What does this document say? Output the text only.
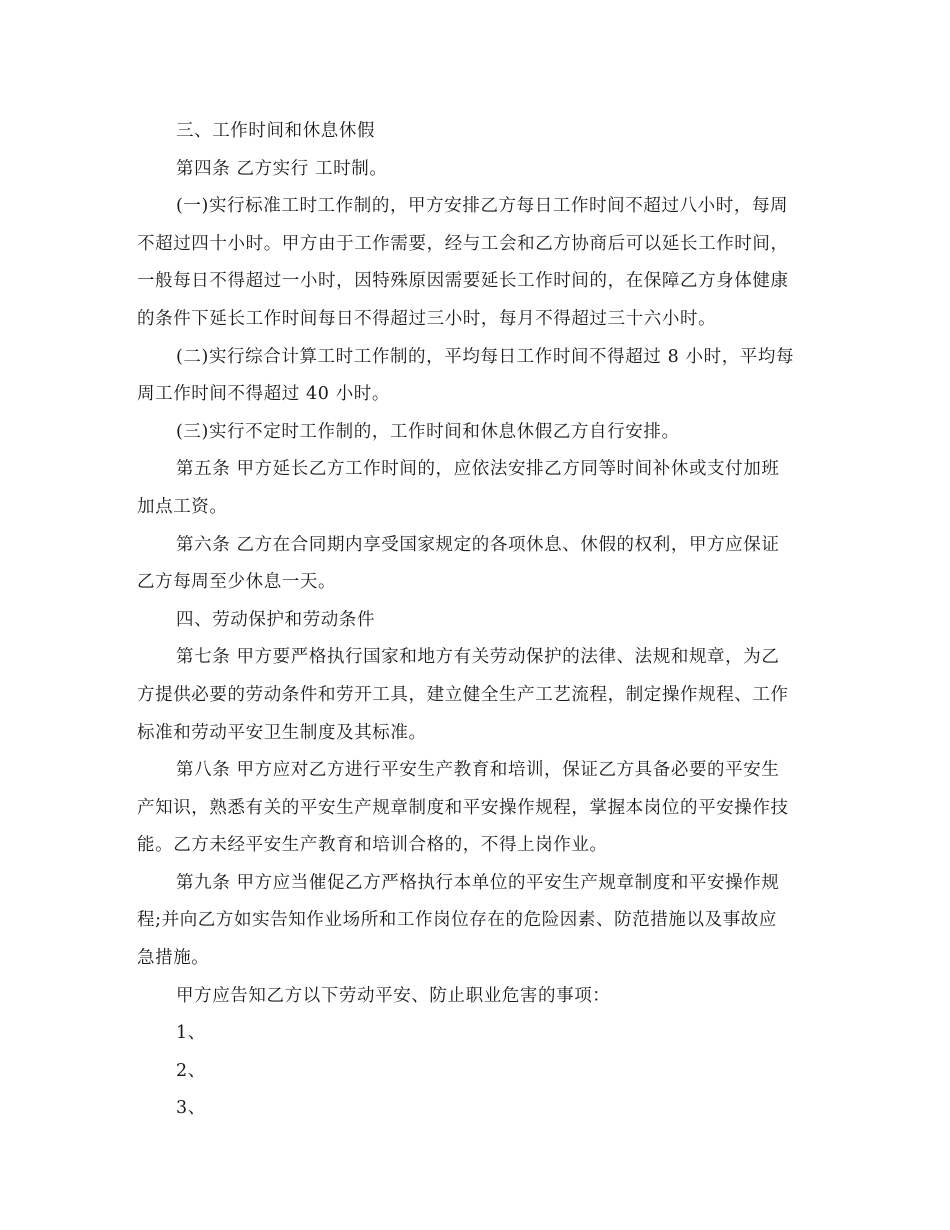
三、工作时间和休息休假
第四条 乙方实行 工时制。
(一)实行标准工时工作制的，甲方安排乙方每日工作时间不超过八小时，每周
不超过四十小时。甲方由于工作需要，经与工会和乙方协商后可以延长工作时间，
一般每日不得超过一小时，因特殊原因需要延长工作时间的，在保障乙方身体健康
的条件下延长工作时间每日不得超过三小时，每月不得超过三十六小时。
(二)实行综合计算工时工作制的，平均每日工作时间不得超过 8 小时，平均每
周工作时间不得超过 40 小时。
(三)实行不定时工作制的，工作时间和休息休假乙方自行安排。
第五条 甲方延长乙方工作时间的，应依法安排乙方同等时间补休或支付加班
加点工资。
第六条 乙方在合同期内享受国家规定的各项休息、休假的权利，甲方应保证
乙方每周至少休息一天。
四、劳动保护和劳动条件
第七条 甲方要严格执行国家和地方有关劳动保护的法律、法规和规章，为乙
方提供必要的劳动条件和劳开工具，建立健全生产工艺流程，制定操作规程、工作
标准和劳动平安卫生制度及其标准。
第八条 甲方应对乙方进行平安生产教育和培训，保证乙方具备必要的平安生
产知识，熟悉有关的平安生产规章制度和平安操作规程，掌握本岗位的平安操作技
能。乙方未经平安生产教育和培训合格的，不得上岗作业。
第九条 甲方应当催促乙方严格执行本单位的平安生产规章制度和平安操作规
程;并向乙方如实告知作业场所和工作岗位存在的危险因素、防范措施以及事故应
急措施。
甲方应告知乙方以下劳动平安、防止职业危害的事项：
1、
2、
3、
